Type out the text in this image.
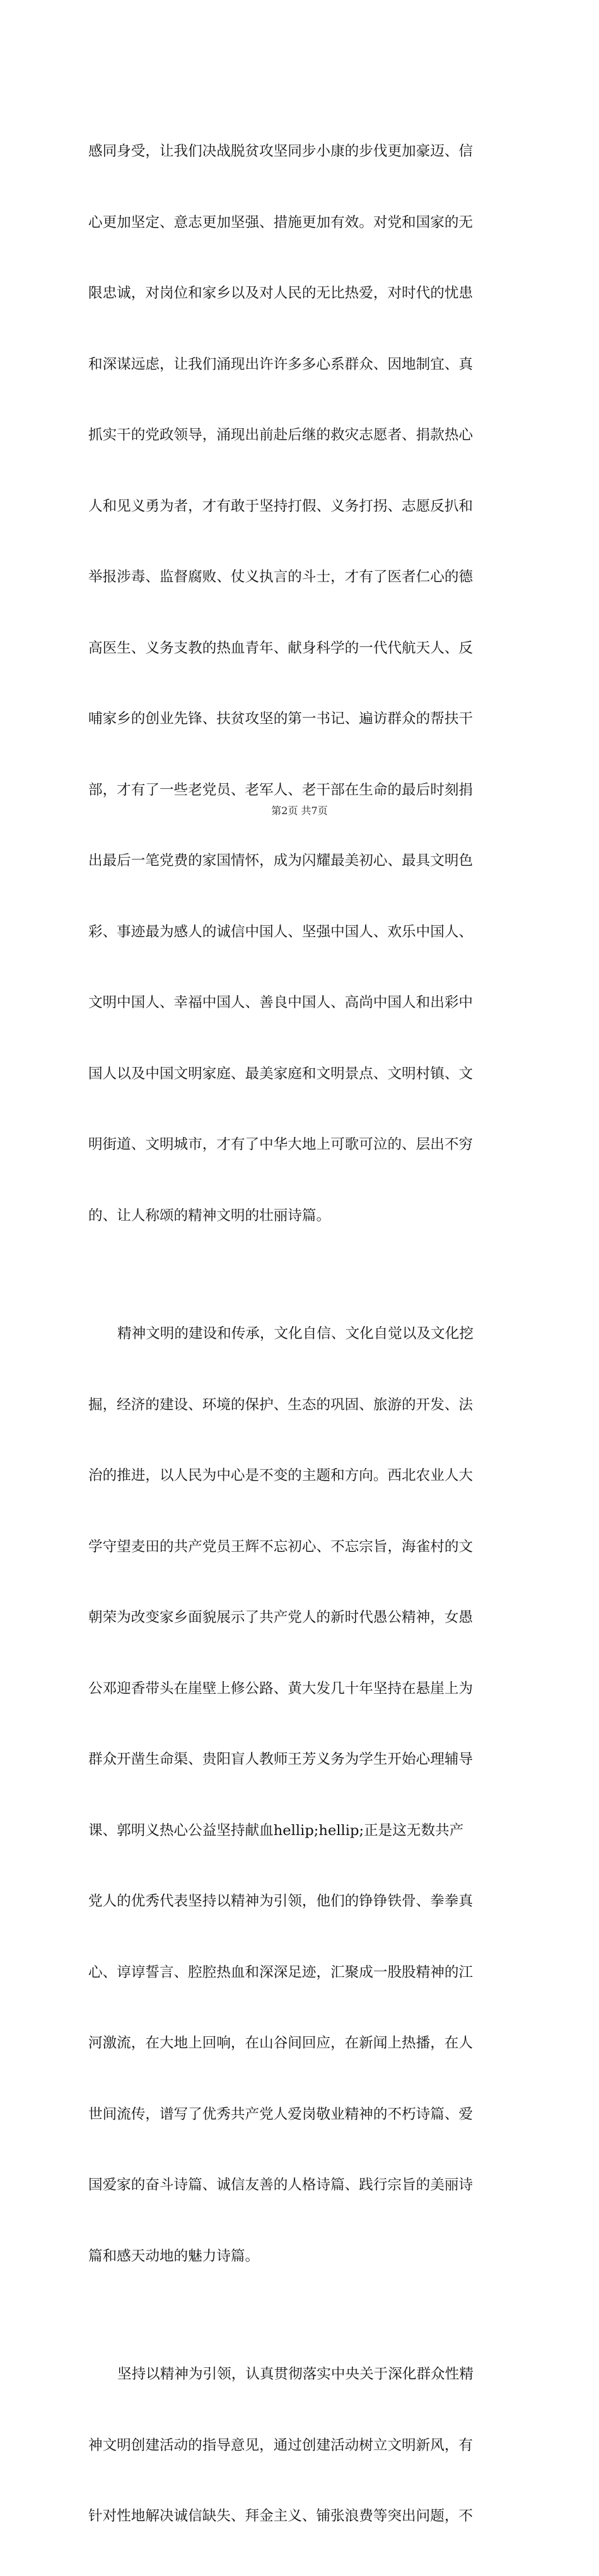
感同身受，让我们决战脱贫攻坚同步小康的步伐更加豪迈、信

心更加坚定、意志更加坚强、措施更加有效。对党和国家的无

限忠诚，对岗位和家乡以及对人民的无比热爱，对时代的忧患

和深谋远虑，让我们涌现出许许多多心系群众、因地制宜、真

抓实干的党政领导，涌现出前赴后继的救灾志愿者、捐款热心

人和见义勇为者，才有敢于坚持打假、义务打拐、志愿反扒和

举报涉毒、监督腐败、仗义执言的斗士，才有了医者仁心的德

高医生、义务支教的热血青年、献身科学的一代代航天人、反

哺家乡的创业先锋、扶贫攻坚的第一书记、遍访群众的帮扶干

部，才有了一些老党员、老军人、老干部在生命的最后时刻捐

出最后一笔党费的家国情怀，成为闪耀最美初心、最具文明色

彩、事迹最为感人的诚信中国人、坚强中国人、欢乐中国人、

文明中国人、幸福中国人、善良中国人、高尚中国人和出彩中

国人以及中国文明家庭、最美家庭和文明景点、文明村镇、文

明街道、文明城市，才有了中华大地上可歌可泣的、层出不穷

的、让人称颂的精神文明的壮丽诗篇。

精神文明的建设和传承，文化自信、文化自觉以及文化挖

掘，经济的建设、环境的保护、生态的巩固、旅游的开发、法

治的推进，以人民为中心是不变的主题和方向。西北农业人大

学守望麦田的共产党员王辉不忘初心、不忘宗旨，海雀村的文

朝荣为改变家乡面貌展示了共产党人的新时代愚公精神，女愚

公邓迎香带头在崖壁上修公路、黄大发几十年坚持在悬崖上为

群众开凿生命渠、贵阳盲人教师王芳义务为学生开始心理辅导

课、郭明义热心公益坚持献血hellip;hellip;正是这无数共产

党人的优秀代表坚持以精神为引领，他们的铮铮铁骨、拳拳真

心、谆谆誓言、腔腔热血和深深足迹，汇聚成一股股精神的江

河激流，在大地上回响，在山谷间回应，在新闻上热播，在人

世间流传，谱写了优秀共产党人爱岗敬业精神的不朽诗篇、爱

国爱家的奋斗诗篇、诚信友善的人格诗篇、践行宗旨的美丽诗

篇和感天动地的魅力诗篇。

坚持以精神为引领，认真贯彻落实中央关于深化群众性精

神文明创建活动的指导意见，通过创建活动树立文明新风，有

针对性地解决诚信缺失、拜金主义、铺张浪费等突出问题，不

第2页 共7页
